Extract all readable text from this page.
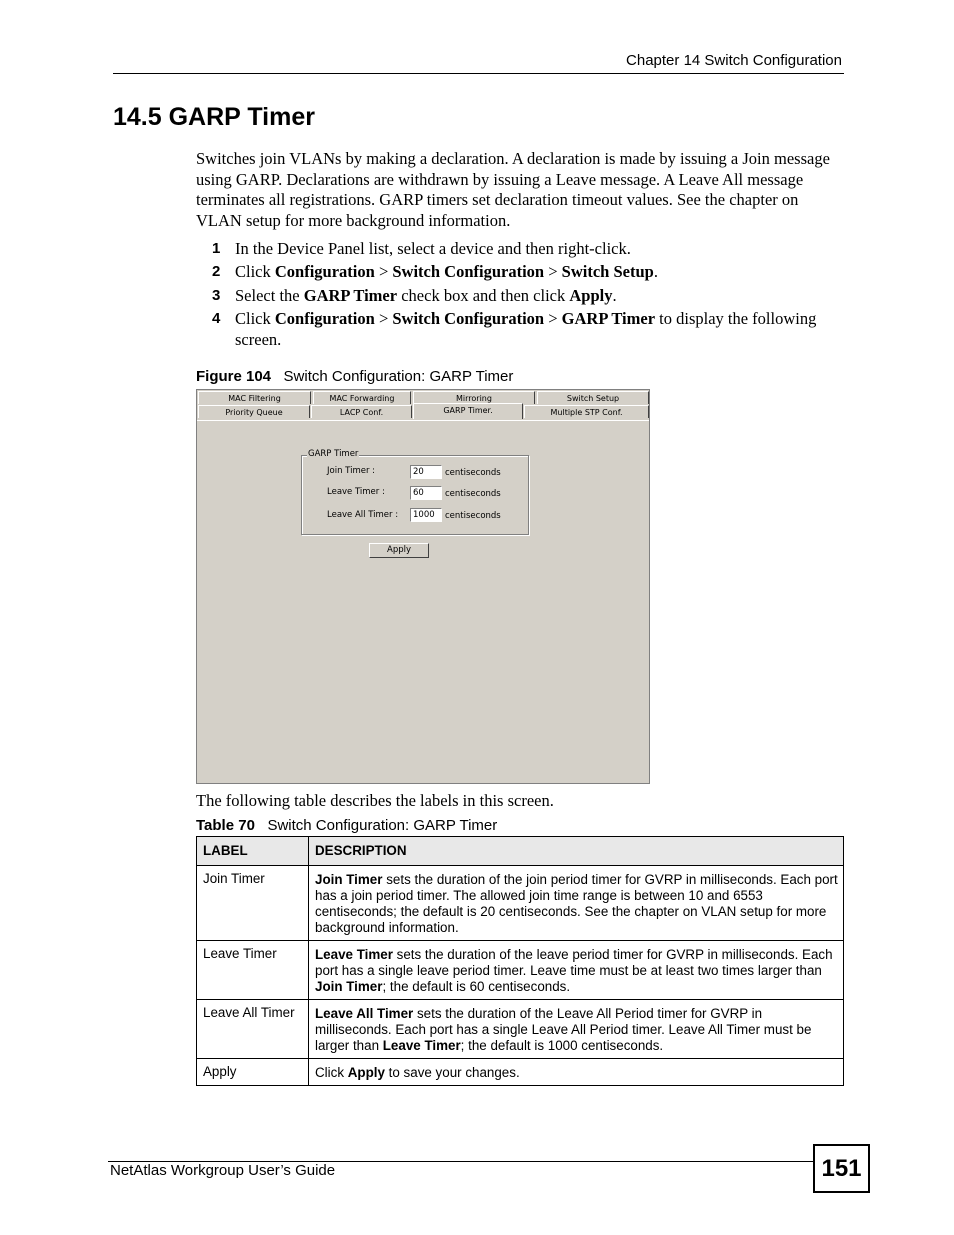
Chapter 14 Switch Configuration
14.5 GARP Timer
Switches join VLANs by making a declaration. A declaration is made by issuing a Join message using GARP. Declarations are withdrawn by issuing a Leave message. A Leave All message terminates all registrations. GARP timers set declaration timeout values. See the chapter on VLAN setup for more background information.
1 In the Device Panel list, select a device and then right-click.
2 Click Configuration > Switch Configuration > Switch Setup.
3 Select the GARP Timer check box and then click Apply.
4 Click Configuration > Switch Configuration > GARP Timer to display the following screen.
Figure 104 Switch Configuration: GARP Timer
MAC Filtering	MAC Forwarding	Mirroring	Switch Setup
Priority Queue	LACP Conf.	GARP Timer.	Multiple STP Conf.
GARP Timer
Join Timer :	20	centiseconds
Leave Timer :	60	centiseconds
Leave All Timer :	1000	centiseconds
Apply
The following table describes the labels in this screen.
Table 70 Switch Configuration: GARP Timer
LABEL	DESCRIPTION
Join Timer	Join Timer sets the duration of the join period timer for GVRP in milliseconds. Each port has a join period timer. The allowed join time range is between 10 and 6553 centiseconds; the default is 20 centiseconds. See the chapter on VLAN setup for more background information.
Leave Timer	Leave Timer sets the duration of the leave period timer for GVRP in milliseconds. Each port has a single leave period timer. Leave time must be at least two times larger than Join Timer; the default is 60 centiseconds.
Leave All Timer	Leave All Timer sets the duration of the Leave All Period timer for GVRP in milliseconds. Each port has a single Leave All Period timer. Leave All Timer must be larger than Leave Timer; the default is 1000 centiseconds.
Apply	Click Apply to save your changes.
NetAtlas Workgroup User’s Guide	151
